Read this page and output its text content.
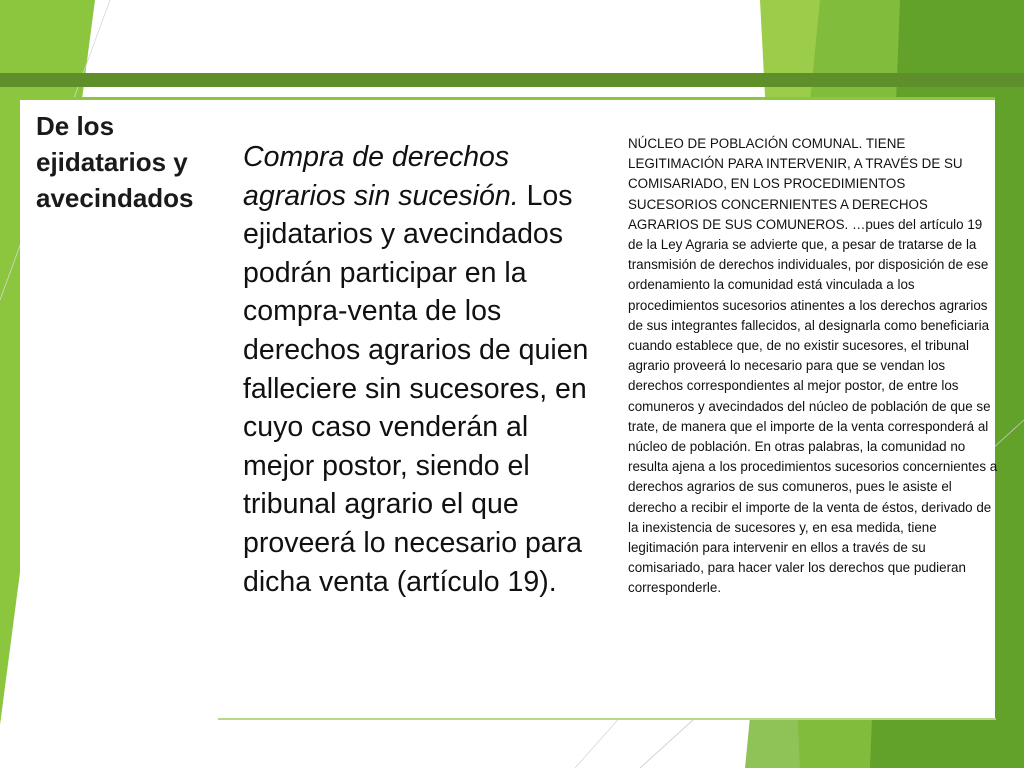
De los ejidatarios y avecindados

Compra de derechos agrarios sin sucesión. Los ejidatarios y avecindados podrán participar en la compra-venta de los derechos agrarios de quien falleciere sin sucesores, en cuyo caso venderán al mejor postor, siendo el tribunal agrario el que proveerá lo necesario para dicha venta (artículo 19).

NÚCLEO DE POBLACIÓN COMUNAL. TIENE LEGITIMACIÓN PARA INTERVENIR, A TRAVÉS DE SU COMISARIADO, EN LOS PROCEDIMIENTOS SUCESORIOS CONCERNIENTES A DERECHOS AGRARIOS DE SUS COMUNEROS. …pues del artículo 19 de la Ley Agraria se advierte que, a pesar de tratarse de la transmisión de derechos individuales, por disposición de ese ordenamiento la comunidad está vinculada a los procedimientos sucesorios atinentes a los derechos agrarios de sus integrantes fallecidos, al designarla como beneficiaria cuando establece que, de no existir sucesores, el tribunal agrario proveerá lo necesario para que se vendan los derechos correspondientes al mejor postor, de entre los comuneros y avecindados del núcleo de población de que se trate, de manera que el importe de la venta corresponderá al núcleo de población. En otras palabras, la comunidad no resulta ajena a los procedimientos sucesorios concernientes a derechos agrarios de sus comuneros, pues le asiste el derecho a recibir el importe de la venta de éstos, derivado de la inexistencia de sucesores y, en esa medida, tiene legitimación para intervenir en ellos a través de su comisariado, para hacer valer los derechos que pudieran corresponderle.
